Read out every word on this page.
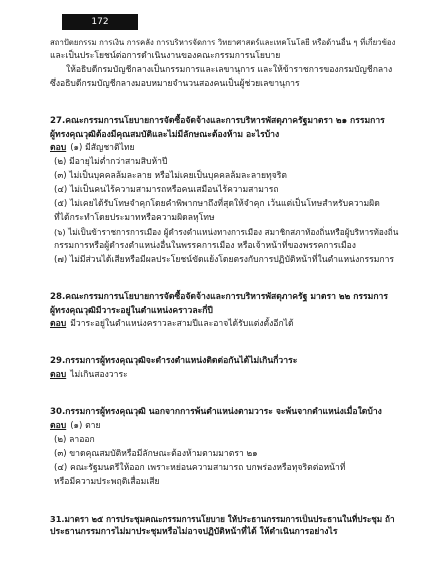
172

สถาปัตยกรรม การเงิน การคลัง การบริหารจัดการ วิทยาศาสตร์และเทคโนโลยี หรือด้านอื่น ๆ ที่เกี่ยวข้อง

และเป็นประโยชน์ต่อการดำเนินงานของคณะกรรมการนโยบาย

ให้อธิบดีกรมบัญชีกลางเป็นกรรมการและเลขานุการ และให้ข้าราชการของกรมบัญชีกลาง

ซึ่งอธิบดีกรมบัญชีกลางมอบหมายจำนวนสองคนเป็นผู้ช่วยเลขานุการ

27.คณะกรรมการนโยบายการจัดซื้อจัดจ้างและการบริหารพัสดุภาครัฐมาตรา ๒๑ กรรมการ

ผู้ทรงคุณวุฒิต้องมีคุณสมบัติและไม่มีลักษณะต้องห้าม อะไรบ้าง

ตอบ (๑) มีสัญชาติไทย

(๒) มีอายุไม่ต่ำกว่าสามสิบห้าปี

(๓) ไม่เป็นบุคคลล้มละลาย หรือไม่เคยเป็นบุคคลล้มละลายทุจริต

(๔) ไม่เป็นคนไร้ความสามารถหรือคนเสมือนไร้ความสามารถ

(๕) ไม่เคยได้รับโทษจำคุกโดยคำพิพากษาถึงที่สุดให้จำคุก เว้นแต่เป็นโทษสำหรับความผิด

ที่ได้กระทำโดยประมาทหรือความผิดลหุโทษ

(๖) ไม่เป็นข้าราชการการเมือง ผู้ดำรงตำแหน่งทางการเมือง สมาชิกสภาท้องถิ่นหรือผู้บริหารท้องถิ่น

กรรมการหรือผู้ดำรงตำแหน่งอื่นในพรรคการเมือง หรือเจ้าหน้าที่ของพรรคการเมือง

(๗) ไม่มีส่วนได้เสียหรือมีผลประโยชน์ขัดแย้งโดยตรงกับการปฏิบัติหน้าที่ในตำแหน่งกรรมการ

28.คณะกรรมการนโยบายการจัดซื้อจัดจ้างและการบริหารพัสดุภาครัฐ มาตรา ๒๒ กรรมการ

ผู้ทรงคุณวุฒิมีวาระอยู่ในตำแหน่งคราวละกี่ปี

ตอบ มีวาระอยู่ในตำแหน่งคราวละสามปีและอาจได้รับแต่งตั้งอีกได้

29.กรรมการผู้ทรงคุณวุฒิจะดำรงตำแหน่งติดต่อกันได้ไม่เกินกี่วาระ

ตอบ ไม่เกินสองวาระ

30.กรรมการผู้ทรงคุณวุฒิ นอกจากการพ้นตำแหน่งตามวาระ จะพ้นจากตำแหน่งเมื่อใดบ้าง

ตอบ (๑) ตาย

(๒) ลาออก

(๓) ขาดคุณสมบัติหรือมีลักษณะต้องห้ามตามมาตรา ๒๑

(๔) คณะรัฐมนตรีให้ออก เพราะหย่อนความสามารถ บกพร่องหรือทุจริตต่อหน้าที่

หรือมีความประพฤติเสื่อมเสีย

31.มาตรา ๒๕ การประชุมคณะกรรมการนโยบาย ให้ประธานกรรมการเป็นประธานในที่ประชุม ถ้า

ประธานกรรมการไม่มาประชุมหรือไม่อาจปฏิบัติหน้าที่ได้ ให้ดำเนินการอย่างไร
